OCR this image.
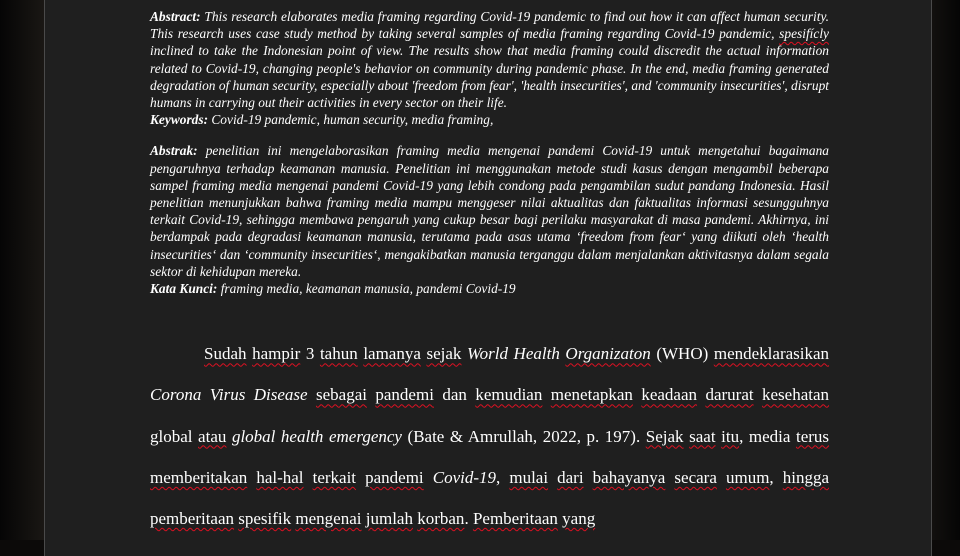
Abstract: This research elaborates media framing regarding Covid-19 pandemic to find out how it can affect human security. This research uses case study method by taking several samples of media framing regarding Covid-19 pandemic, spesifícly inclined to take the Indonesian point of view. The results show that media framing could discredit the actual information related to Covid-19, changing people's behavior on community during pandemic phase. In the end, media framing generated degradation of human security, especially about 'freedom from fear', 'health insecurities', and 'community insecurities', disrupt humans in carrying out their activities in every sector on their life.

Keywords: Covid-19 pandemic, human security, media framing,

Abstrak: penelitian ini mengelaborasikan framing media mengenai pandemi Covid-19 untuk mengetahui bagaimana pengaruhnya terhadap keamanan manusia. Penelitian ini menggunakan metode studi kasus dengan mengambil beberapa sampel framing media mengenai pandemi Covid-19 yang lebih condong pada pengambilan sudut pandang Indonesia. Hasil penelitian menunjukkan bahwa framing media mampu menggeser nilai aktualitas dan faktualitas informasi sesungguhnya terkait Covid-19, sehingga membawa pengaruh yang cukup besar bagi perilaku masyarakat di masa pandemi. Akhirnya, ini berdampak pada degradasi keamanan manusia, terutama pada asas utama ‘freedom from fear‘ yang diikuti oleh ‘health insecurities‘ dan ‘community insecurities‘, mengakibatkan manusia terganggu dalam menjalankan aktivitasnya dalam segala sektor di kehidupan mereka.

Kata Kunci: framing media, keamanan manusia, pandemi Covid-19

Sudah hampir 3 tahun lamanya sejak World Health Organizaton (WHO) mendeklarasikan Corona Virus Disease sebagai pandemi dan kemudian menetapkan keadaan darurat kesehatan global atau global health emergency (Bate & Amrullah, 2022, p. 197). Sejak saat itu, media terus memberitakan hal-hal terkait pandemi Covid-19, mulai dari bahayanya secara umum, hingga pemberitaan spesifik mengenai jumlah korban. Pemberitaan yang
